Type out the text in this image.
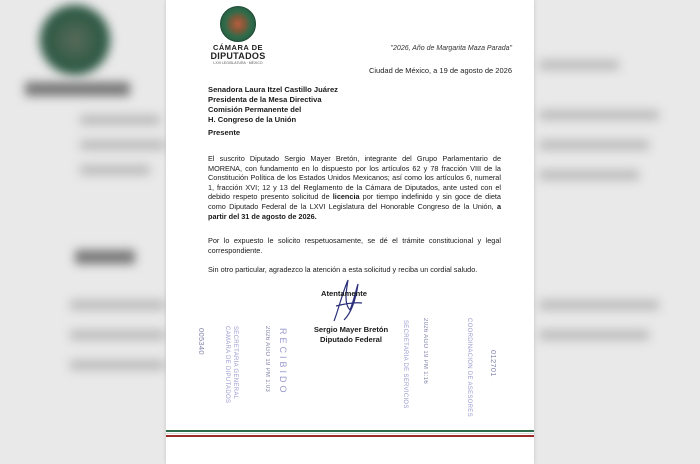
CÁMARA DE
DIPUTADOS
LXVI LEGISLATURA · MÉXICO
"2026, Año de Margarita Maza Parada"
Ciudad de México, a 19 de agosto de 2026
Senadora Laura Itzel Castillo Juárez
Presidenta de la Mesa Directiva
Comisión Permanente del
H. Congreso de la Unión
Presente
El suscrito Diputado Sergio Mayer Bretón, integrante del Grupo Parlamentario de MORENA, con fundamento en lo dispuesto por los artículos 62 y 78 fracción VIII de la Constitución Política de los Estados Unidos Mexicanos; así como los artículos 6, numeral 1, fracción XVI; 12 y 13 del Reglamento de la Cámara de Diputados, ante usted con el debido respeto presento solicitud de licencia por tiempo indefinido y sin goce de dieta como Diputado Federal de la LXVI Legislatura del Honorable Congreso de la Unión, a partir del 31 de agosto de 2026.
Por lo expuesto le solicito respetuosamente, se dé el trámite constitucional y legal correspondiente.
Sin otro particular, agradezco la atención a esta solicitud y reciba un cordial saludo.
Atentamente
Sergio Mayer Bretón
Diputado Federal
005340	CÁMARA DE DIPUTADOS SECRETARÍA GENERAL	2026 AGO 19 PM 1:03 RECIBIDO	2026 AGO 19 PM 1:16
SECRETARÍA DE SERVICIOS	COORDINACIÓN DE ASESORES 012701
